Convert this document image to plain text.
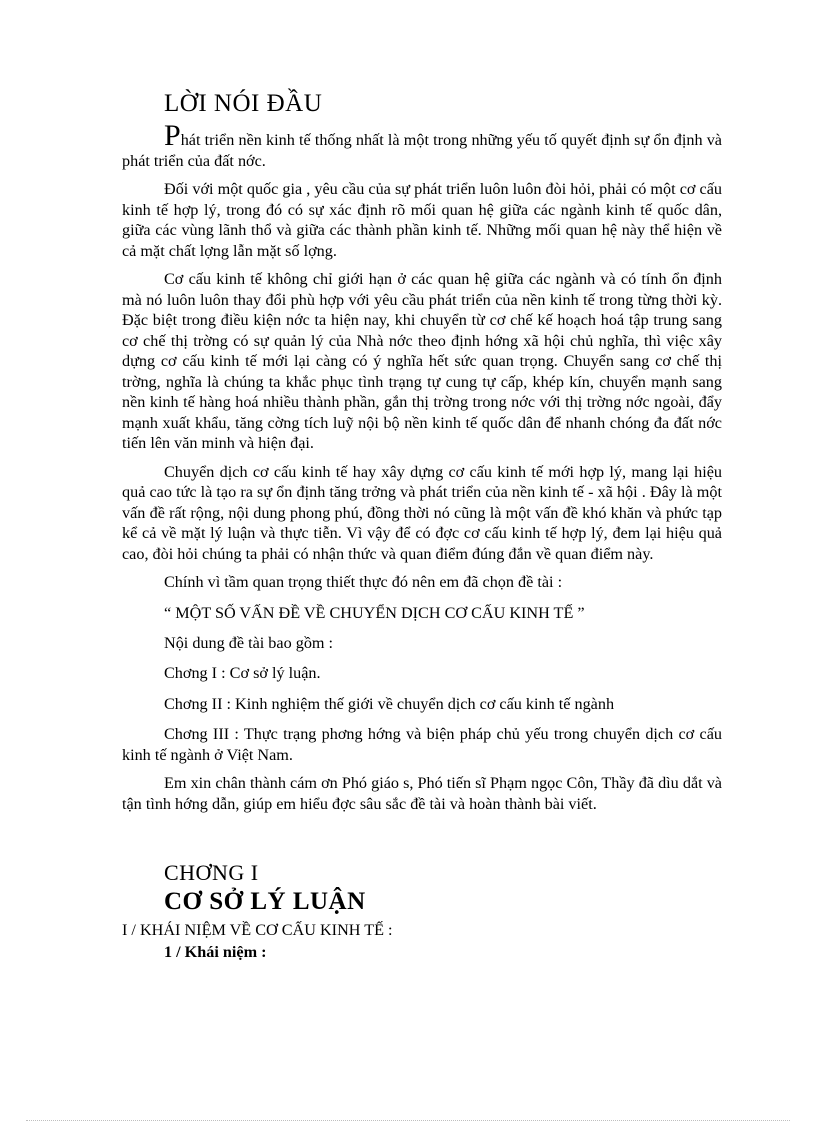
LỜI NÓI ĐẦU

Phát triển nền kinh tế thống nhất là một trong những yếu tố quyết định sự ổn định và phát triển của đất nớc.

Đối với một quốc gia , yêu cầu của sự phát triển luôn luôn đòi hỏi, phải có một cơ cấu kinh tế hợp lý, trong đó có sự xác định rõ mối quan hệ giữa các ngành kinh tế quốc dân, giữa các vùng lãnh thổ và giữa các thành phần kinh tế. Những mối quan hệ này thể hiện về cả mặt chất lợng lẫn mặt số lợng.

Cơ cấu kinh tế không chỉ giới hạn ở các quan hệ giữa các ngành và có tính ổn định mà nó luôn luôn thay đổi phù hợp với yêu cầu phát triển của nền kinh tế trong từng thời kỳ. Đặc biệt trong điều kiện nớc ta hiện nay, khi chuyển từ cơ chế kế hoạch hoá tập trung sang cơ chế thị trờng có sự quản lý của Nhà nớc theo định hớng xã hội chủ nghĩa, thì việc xây dựng cơ cấu kinh tế mới lại càng có ý nghĩa hết sức quan trọng. Chuyển sang cơ chế thị trờng, nghĩa là chúng ta khắc phục tình trạng tự cung tự cấp, khép kín, chuyển mạnh sang nền kinh tế hàng hoá nhiều thành phần, gắn thị trờng trong nớc với thị trờng nớc ngoài, đẩy mạnh xuất khẩu, tăng cờng tích luỹ nội bộ nền kinh tế quốc dân để nhanh chóng đa đất nớc tiến lên văn minh và hiện đại.

Chuyển dịch cơ cấu kinh tế hay xây dựng cơ cấu kinh tế mới hợp lý, mang lại hiệu quả cao tức là tạo ra sự ổn định tăng trởng và phát triển của nền kinh tế - xã hội . Đây là một vấn đề rất rộng, nội dung phong phú, đồng thời nó cũng là một vấn đề khó khăn và phức tạp kể cả về mặt lý luận và thực tiễn. Vì vậy để có đợc cơ cấu kinh tế hợp lý, đem lại hiệu quả cao, đòi hỏi chúng ta phải có nhận thức và quan điểm đúng đắn về quan điểm này.

Chính vì tầm quan trọng thiết thực đó nên em đã chọn đề tài :

“ MỘT SỐ VẤN ĐỀ VỀ CHUYỂN DỊCH CƠ CẤU KINH TẾ ”

Nội dung đề tài bao gồm :

Chơng I : Cơ sở lý luận.

Chơng II : Kinh nghiệm thế giới về chuyển dịch cơ cấu kinh tế ngành

Chơng III : Thực trạng phơng hớng và biện pháp chủ yếu trong chuyển dịch cơ cấu kinh tế ngành ở Việt Nam.

Em xin chân thành cám ơn Phó giáo s, Phó tiến sĩ Phạm ngọc Côn, Thầy đã dìu dắt và tận tình hớng dẫn, giúp em hiểu đợc sâu sắc đề tài và hoàn thành bài viết.

CHƠNG I
CƠ SỞ LÝ LUẬN
I / KHÁI NIỆM VỀ CƠ CẤU KINH TẾ :
1 / Khái niệm :
